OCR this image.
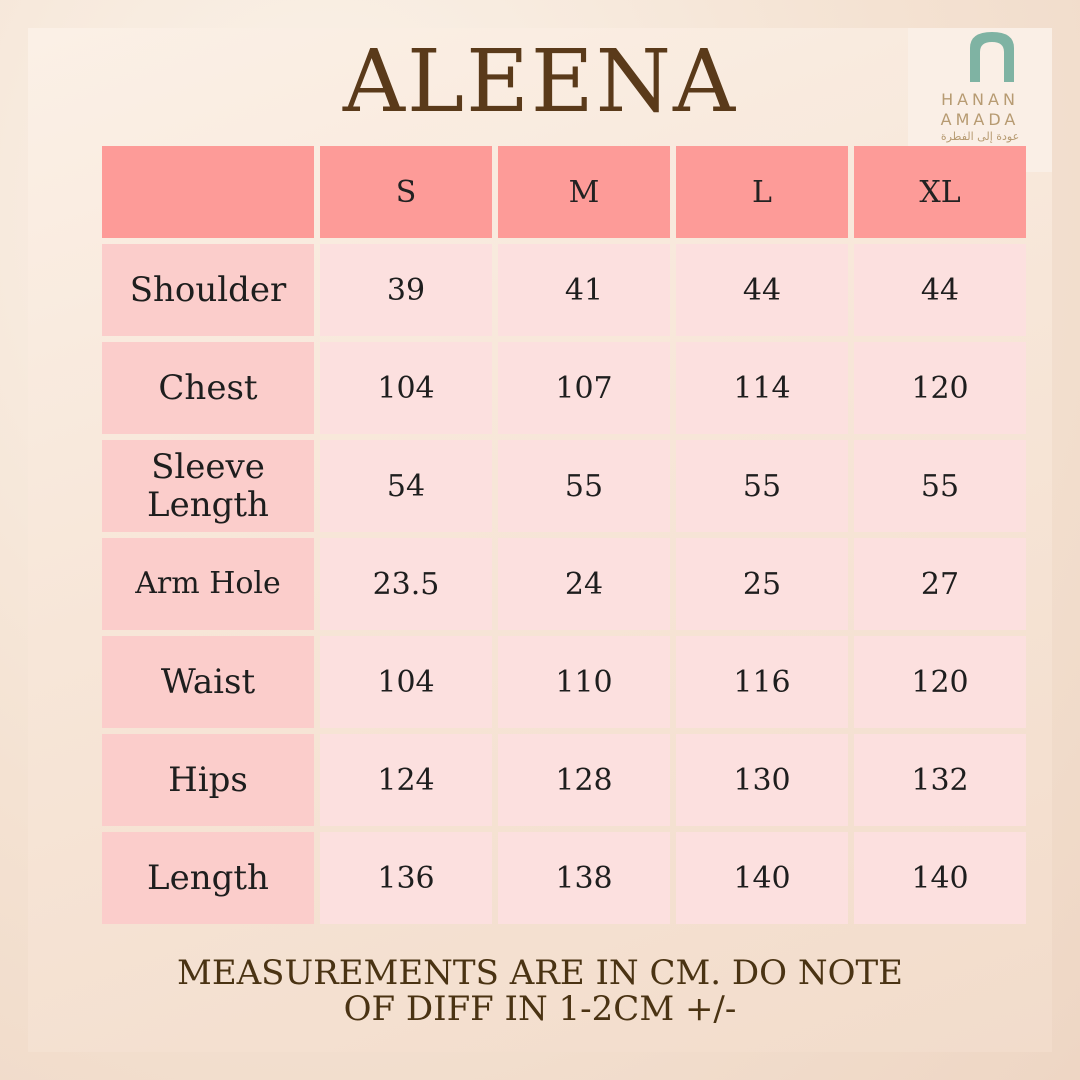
ALEENA	HANAN
AMADA
عودة إلى الفطرة
	S	M	L	XL
Shoulder	39	41	44	44
Chest	104	107	114	120
Sleeve Length	54	55	55	55
Arm Hole	23.5	24	25	27
Waist	104	110	116	120
Hips	124	128	130	132
Length	136	138	140	140
MEASUREMENTS ARE IN CM. DO NOTE
OF DIFF IN 1-2CM +/-
